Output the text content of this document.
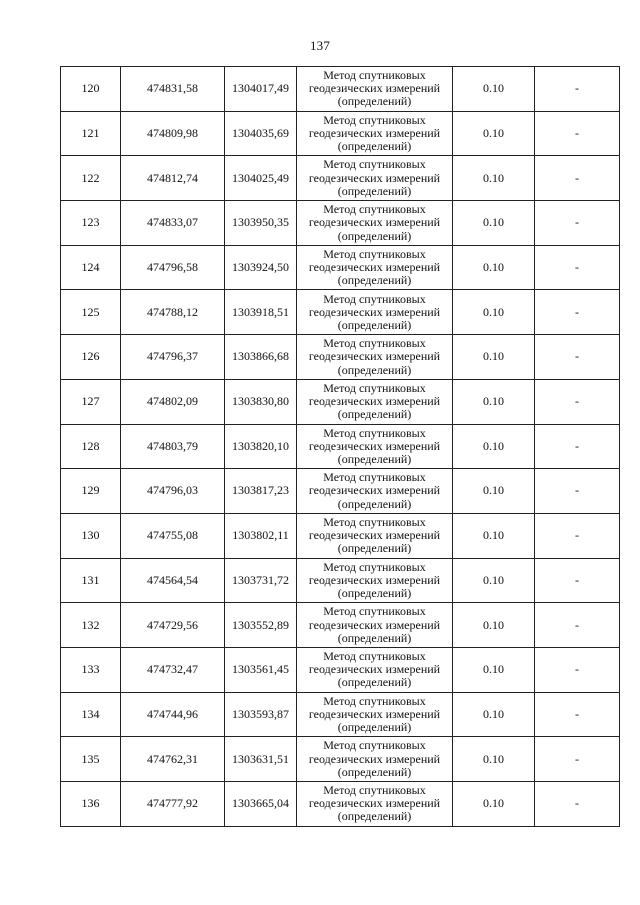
137
120	474831,58	1304017,49	Метод спутниковых
геодезических измерений
(определений)	0.10	-
121	474809,98	1304035,69	Метод спутниковых
геодезических измерений
(определений)	0.10	-
122	474812,74	1304025,49	Метод спутниковых
геодезических измерений
(определений)	0.10	-
123	474833,07	1303950,35	Метод спутниковых
геодезических измерений
(определений)	0.10	-
124	474796,58	1303924,50	Метод спутниковых
геодезических измерений
(определений)	0.10	-
125	474788,12	1303918,51	Метод спутниковых
геодезических измерений
(определений)	0.10	-
126	474796,37	1303866,68	Метод спутниковых
геодезических измерений
(определений)	0.10	-
127	474802,09	1303830,80	Метод спутниковых
геодезических измерений
(определений)	0.10	-
128	474803,79	1303820,10	Метод спутниковых
геодезических измерений
(определений)	0.10	-
129	474796,03	1303817,23	Метод спутниковых
геодезических измерений
(определений)	0.10	-
130	474755,08	1303802,11	Метод спутниковых
геодезических измерений
(определений)	0.10	-
131	474564,54	1303731,72	Метод спутниковых
геодезических измерений
(определений)	0.10	-
132	474729,56	1303552,89	Метод спутниковых
геодезических измерений
(определений)	0.10	-
133	474732,47	1303561,45	Метод спутниковых
геодезических измерений
(определений)	0.10	-
134	474744,96	1303593,87	Метод спутниковых
геодезических измерений
(определений)	0.10	-
135	474762,31	1303631,51	Метод спутниковых
геодезических измерений
(определений)	0.10	-
136	474777,92	1303665,04	Метод спутниковых
геодезических измерений
(определений)	0.10	-
